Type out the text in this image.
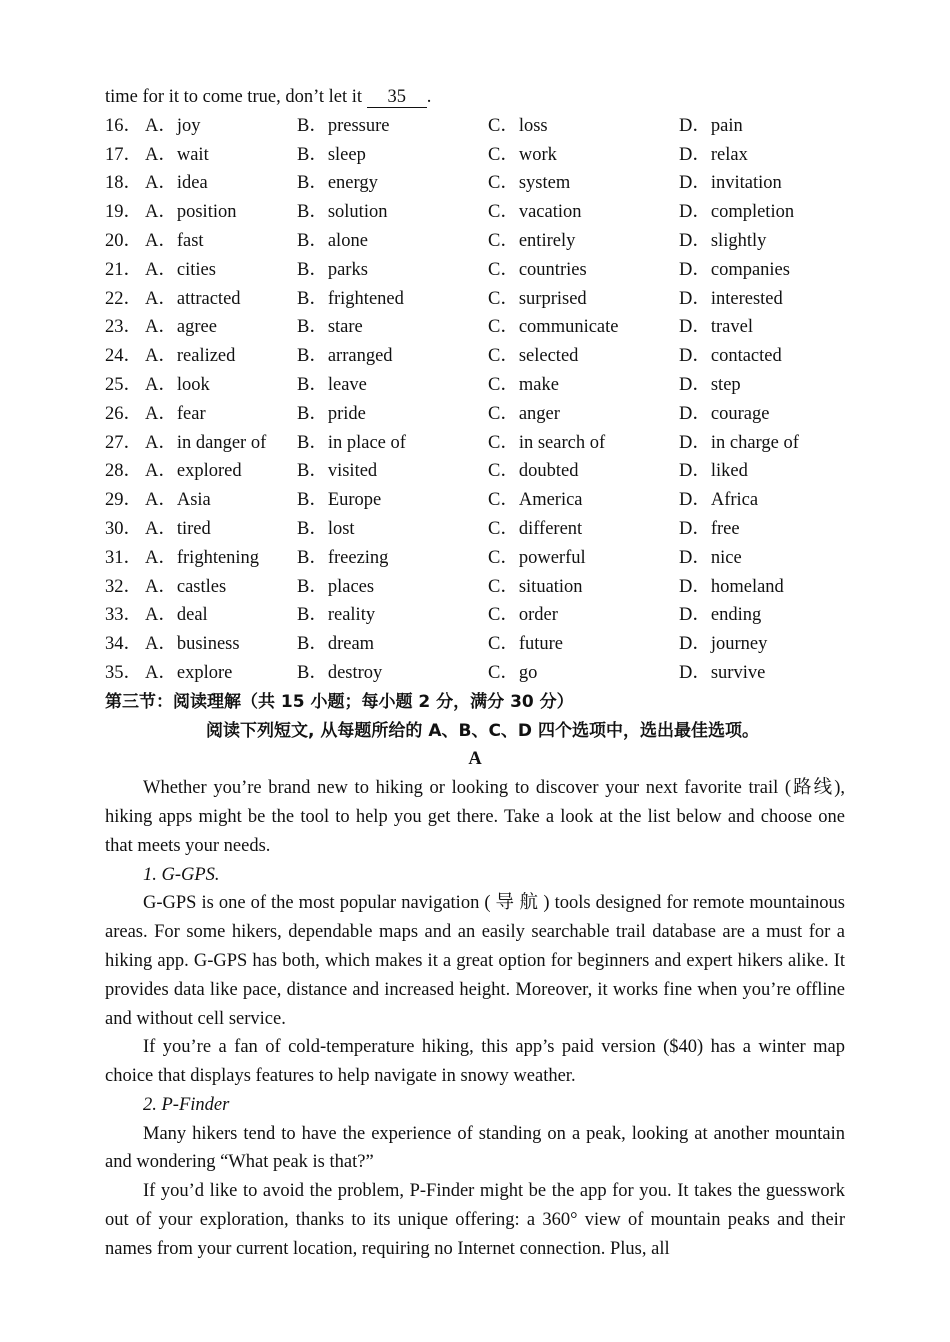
time for it to come true, don’t let it 35 .
16． A．joy	B．pressure	C．loss	D．pain
17． A．wait	B．sleep	C．work	D．relax
18． A．idea	B．energy	C．system	D．invitation
19． A．position	B．solution	C．vacation	D．completion
20． A．fast	B．alone	C．entirely	D．slightly
21． A．cities	B．parks	C．countries	D．companies
22． A．attracted	B．frightened	C．surprised	D．interested
23． A．agree	B．stare	C．communicate	D．travel
24． A．realized	B．arranged	C．selected	D．contacted
25． A．look	B．leave	C．make	D．step
26． A．fear	B．pride	C．anger	D．courage
27． A．in danger of B．in place of	C．in search of	D．in charge of
28． A．explored	B．visited	C．doubted	D．liked
29． A．Asia	B．Europe	C．America	D．Africa
30． A．tired	B．lost	C．different	D．free
31． A．frightening B．freezing	C．powerful	D．nice
32． A．castles	B．places	C．situation	D．homeland
33． A．deal	B．reality	C．order	D．ending
34． A．business	B．dream	C．future	D．journey
35． A．explore	B．destroy	C．go	D．survive
第三节：阅读理解（共 15 小题；每小题 2 分，满分 30 分）
阅读下列短文, 从每题所给的 A、B、C、D 四个选项中，选出最佳选项。
A

Whether you’re brand new to hiking or looking to discover your next favorite trail (路线), hiking apps might be the tool to help you get there. Take a look at the list below and choose one that meets your needs.

1. G-GPS.

G-GPS is one of the most popular navigation ( 导 航 ) tools designed for remote mountainous areas. For some hikers, dependable maps and an easily searchable trail database are a must for a hiking app. G-GPS has both, which makes it a great option for beginners and expert hikers alike. It provides data like pace, distance and increased height. Moreover, it works fine when you’re offline and without cell service.

If you’re a fan of cold-temperature hiking, this app’s paid version ($40) has a winter map choice that displays features to help navigate in snowy weather.

2. P-Finder

Many hikers tend to have the experience of standing on a peak, looking at another mountain and wondering “What peak is that?”

If you’d like to avoid the problem, P-Finder might be the app for you. It takes the guesswork out of your exploration, thanks to its unique offering: a 360° view of mountain peaks and their names from your current location, requiring no Internet connection. Plus, all
